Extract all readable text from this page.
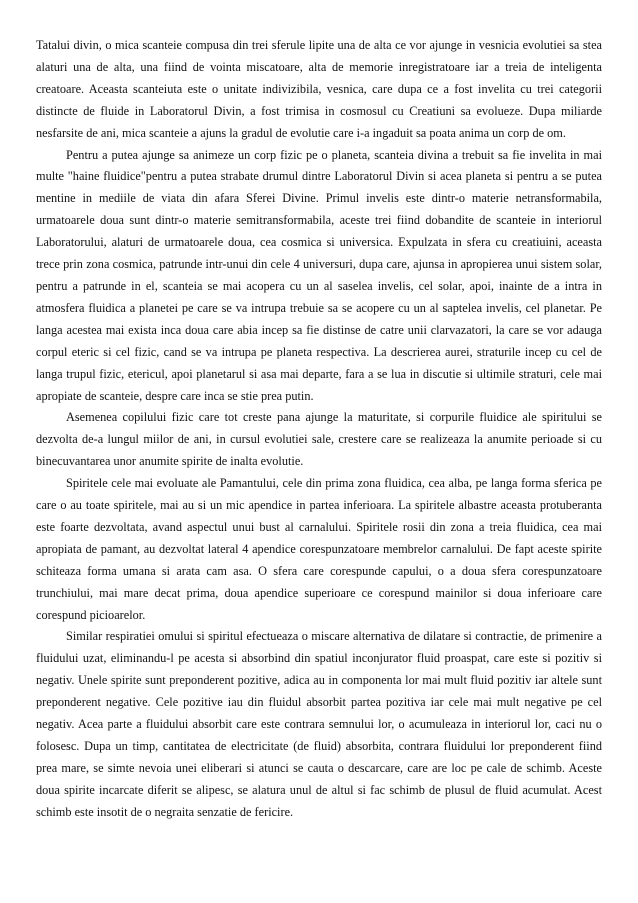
Tatalui divin, o mica scanteie compusa din trei sferule lipite una de alta ce vor ajunge in vesnicia evolutiei sa stea alaturi una de alta, una fiind de vointa miscatoare, alta de memorie inregistratoare iar a treia de inteligenta creatoare. Aceasta scanteiuta este o unitate indivizibila, vesnica, care dupa ce a fost invelita cu trei categorii distincte de fluide in Laboratorul Divin, a fost trimisa in cosmosul cu Creatiuni sa evolueze. Dupa miliarde nesfarsite de ani, mica scanteie a ajuns la gradul de evolutie care i-a ingaduit sa poata anima un corp de om.

Pentru a putea ajunge sa animeze un corp fizic pe o planeta, scanteia divina a trebuit sa fie invelita in mai multe "haine fluidice"pentru a putea strabate drumul dintre Laboratorul Divin si acea planeta si pentru a se putea mentine in mediile de viata din afara Sferei Divine. Primul invelis este dintr-o materie netransformabila, urmatoarele doua sunt dintr-o materie semitransformabila, aceste trei fiind dobandite de scanteie in interiorul Laboratorului, alaturi de urmatoarele doua, cea cosmica si universica. Expulzata in sfera cu creatiuini, aceasta trece prin zona cosmica, patrunde intr-unui din cele 4 universuri, dupa care, ajunsa in apropierea unui sistem solar, pentru a patrunde in el, scanteia se mai acopera cu un al saselea invelis, cel solar, apoi, inainte de a intra in atmosfera fluidica a planetei pe care se va intrupa trebuie sa se acopere cu un al saptelea invelis, cel planetar. Pe langa acestea mai exista inca doua care abia incep sa fie distinse de catre unii clarvazatori, la care se vor adauga corpul eteric si cel fizic, cand se va intrupa pe planeta respectiva. La descrierea aurei, straturile incep cu cel de langa trupul fizic, etericul, apoi planetarul si asa mai departe, fara a se lua in discutie si ultimile straturi, cele mai apropiate de scanteie, despre care inca se stie prea putin.

Asemenea copilului fizic care tot creste pana ajunge la maturitate, si corpurile fluidice ale spiritului se dezvolta de-a lungul miilor de ani, in cursul evolutiei sale, crestere care se realizeaza la anumite perioade si cu binecuvantarea unor anumite spirite de inalta evolutie.

Spiritele cele mai evoluate ale Pamantului, cele din prima zona fluidica, cea alba, pe langa forma sferica pe care o au toate spiritele, mai au si un mic apendice in partea inferioara. La spiritele albastre aceasta protuberanta este foarte dezvoltata, avand aspectul unui bust al carnalului. Spiritele rosii din zona a treia fluidica, cea mai apropiata de pamant, au dezvoltat lateral 4 apendice corespunzatoare membrelor carnalului. De fapt aceste spirite schiteaza forma umana si arata cam asa. O sfera care corespunde capului, o a doua sfera corespunzatoare trunchiului, mai mare decat prima, doua apendice superioare ce corespund mainilor si doua inferioare care corespund picioarelor.

Similar respiratiei omului si spiritul efectueaza o miscare alternativa de dilatare si contractie, de primenire a fluidului uzat, eliminandu-l pe acesta si absorbind din spatiul inconjurator fluid proaspat, care este si pozitiv si negativ. Unele spirite sunt preponderent pozitive, adica au in componenta lor mai mult fluid pozitiv iar altele sunt preponderent negative. Cele pozitive iau din fluidul absorbit partea pozitiva iar cele mai mult negative pe cel negativ. Acea parte a fluidului absorbit care este contrara semnului lor, o acumuleaza in interiorul lor, caci nu o folosesc. Dupa un timp, cantitatea de electricitate (de fluid) absorbita, contrara fluidului lor preponderent fiind prea mare, se simte nevoia unei eliberari si atunci se cauta o descarcare, care are loc pe cale de schimb. Aceste doua spirite incarcate diferit se alipesc, se alatura unul de altul si fac schimb de plusul de fluid acumulat. Acest schimb este insotit de o negraita senzatie de fericire.
